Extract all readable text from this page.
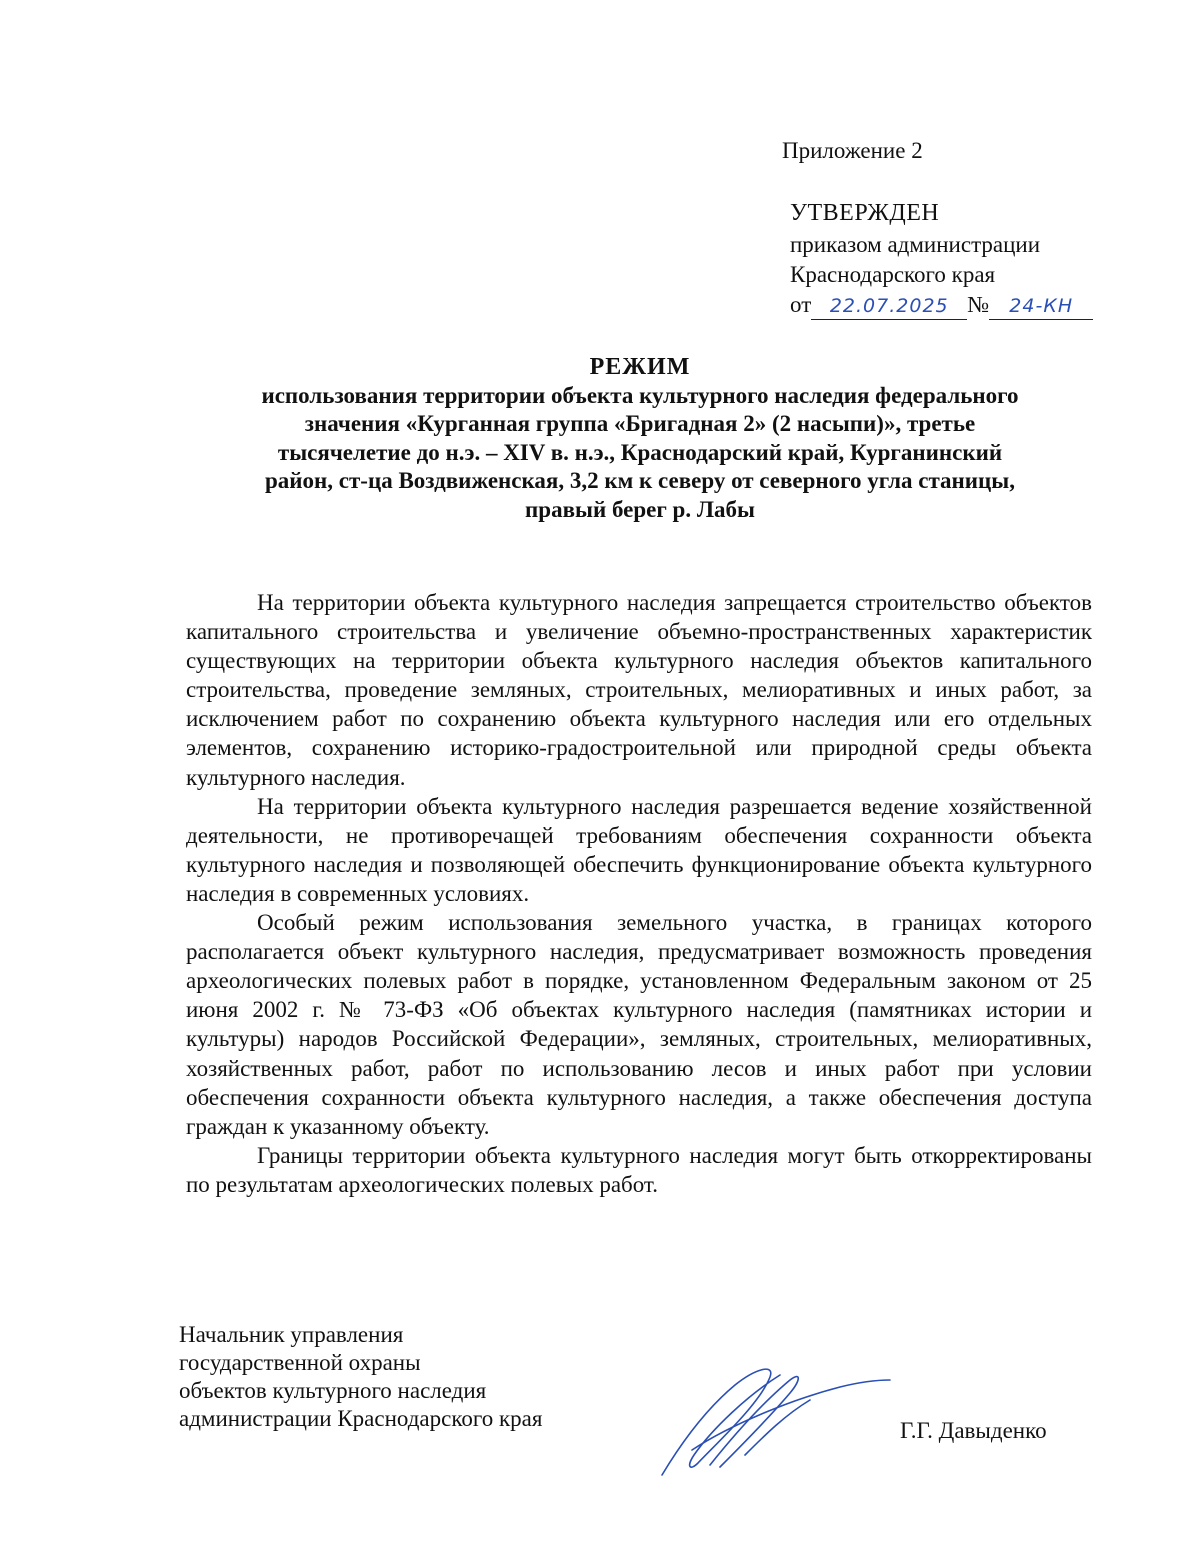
Приложение 2
УТВЕРЖДЕН
приказом администрации
Краснодарского края
от 22.07.2025 №	24-КН
РЕЖИМ
использования территории объекта культурного наследия федерального
значения «Курганная группа «Бригадная 2» (2 насыпи)», третье
тысячелетие до н.э. – XIV в. н.э., Краснодарский край, Курганинский
район, ст-ца Воздвиженская, 3,2 км к северу от северного угла станицы,
правый берег р. Лабы

На территории объекта культурного наследия запрещается строительство объектов капитального строительства и увеличение объемно-пространственных характеристик существующих на территории объекта культурного наследия объектов капитального строительства, проведение земляных, строительных, мелиоративных и иных работ, за исключением работ по сохранению объекта культурного наследия или его отдельных элементов, сохранению историко-градостроительной или природной среды объекта культурного наследия.

На территории объекта культурного наследия разрешается ведение хозяйственной деятельности, не противоречащей требованиям обеспечения сохранности объекта культурного наследия и позволяющей обеспечить функционирование объекта культурного наследия в современных условиях.

Особый режим использования земельного участка, в границах которого располагается объект культурного наследия, предусматривает возможность проведения археологических полевых работ в порядке, установленном Федеральным законом от 25 июня 2002 г. № 73-ФЗ «Об объектах культурного наследия (памятниках истории и культуры) народов Российской Федерации», земляных, строительных, мелиоративных, хозяйственных работ, работ по использованию лесов и иных работ при условии обеспечения сохранности объекта культурного наследия, а также обеспечения доступа граждан к указанному объекту.

Границы территории объекта культурного наследия могут быть откорректированы по результатам археологических полевых работ.

Начальник управления
государственной охраны
объектов культурного наследия
администрации Краснодарского края	Г.Г. Давыденко
